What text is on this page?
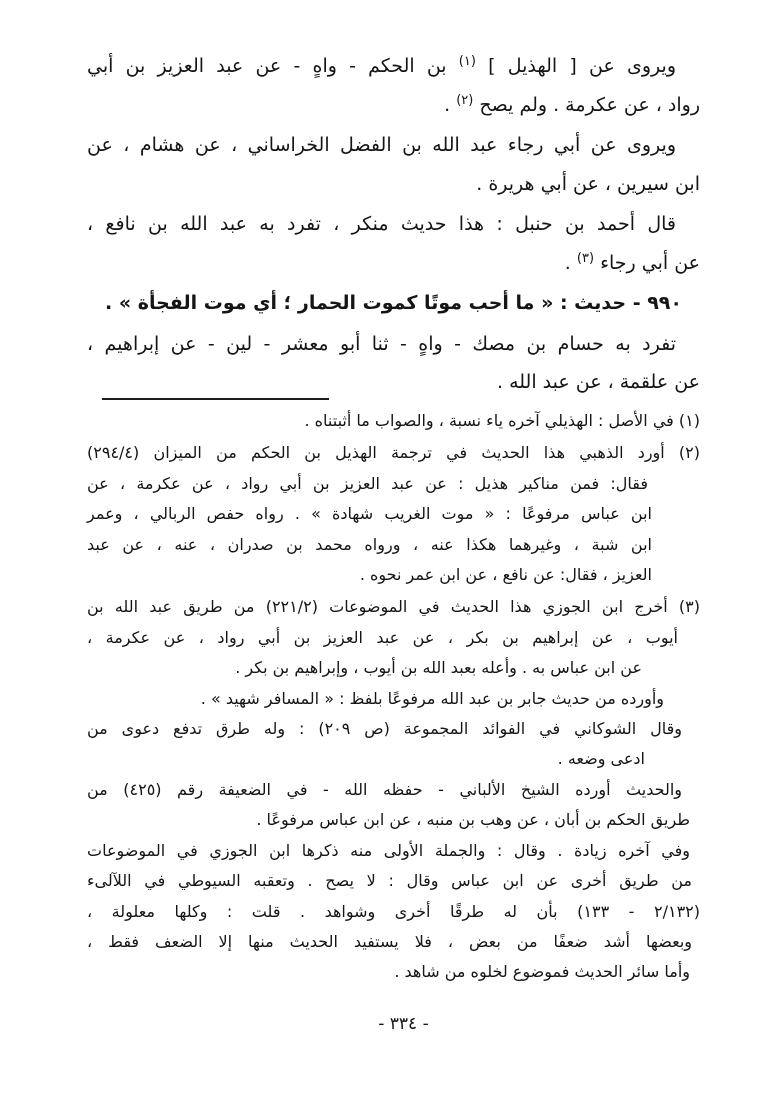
ويروى عن [ الهذيل ] $^{(١)}$ بن الحكم - واهٍ - عن عبد العزيز بن أبي
رواد ، عن عكرمة . ولم يصح $^{(٢)}$ .
ويروى عن أبي رجاء عبد الله بن الفضل الخراساني ، عن هشام ، عن
ابن سيرين ، عن أبي هريرة .
قال أحمد بن حنبل : هذا حديث منكر ، تفرد به عبد الله بن نافع ،
عن أبي رجاء $^{(٣)}$ .
٩٩٠ - حديث : « ما أحب موتًا كموت الحمار ؛ أي موت الفجأة » .
تفرد به حسام بن مصك - واهٍ - ثنا أبو معشر - لين - عن إبراهيم ،
عن علقمة ، عن عبد الله .
(١) في الأصل : الهذيلي آخره ياء نسبة ، والصواب ما أثبتناه .
(٢) أورد الذهبي هذا الحديث في ترجمة الهذيل بن الحكم من الميزان (٢٩٤/٤)
فقال: فمن مناكير هذيل : عن عبد العزيز بن أبي رواد ، عن عكرمة ، عن
ابن عباس مرفوعًا : « موت الغريب شهادة » . رواه حفص الربالي ، وعمر
ابن شبة ، وغيرهما هكذا عنه ، ورواه محمد بن صدران ، عنه ، عن عبد
العزيز ، فقال: عن نافع ، عن ابن عمر نحوه .
(٣) أخرج ابن الجوزي هذا الحديث في الموضوعات (٢٢١/٢) من طريق عبد الله بن
أيوب ، عن إبراهيم بن بكر ، عن عبد العزيز بن أبي رواد ، عن عكرمة ،
عن ابن عباس به . وأعله بعبد الله بن أيوب ، وإبراهيم بن بكر .
وأورده من حديث جابر بن عبد الله مرفوعًا بلفظ : « المسافر شهيد » .
وقال الشوكاني في الفوائد المجموعة (ص ٢٠٩) : وله طرق تدفع دعوى من
ادعى وضعه .
والحديث أورده الشيخ الألباني - حفظه الله - في الضعيفة رقم (٤٢٥) من
طريق الحكم بن أبان ، عن وهب بن منبه ، عن ابن عباس مرفوعًا .
وفي آخره زيادة . وقال : والجملة الأولى منه ذكرها ابن الجوزي في الموضوعات
من طريق أخرى عن ابن عباس وقال : لا يصح . وتعقبه السيوطي في اللآلىء
(٢/١٣٢ - ١٣٣) بأن له طرقًا أخرى وشواهد . قلت : وكلها معلولة ،
وبعضها أشد ضعفًا من بعض ، فلا يستفيد الحديث منها إلا الضعف فقط ،
وأما سائر الحديث فموضوع لخلوه من شاهد .
- ٣٣٤ -
